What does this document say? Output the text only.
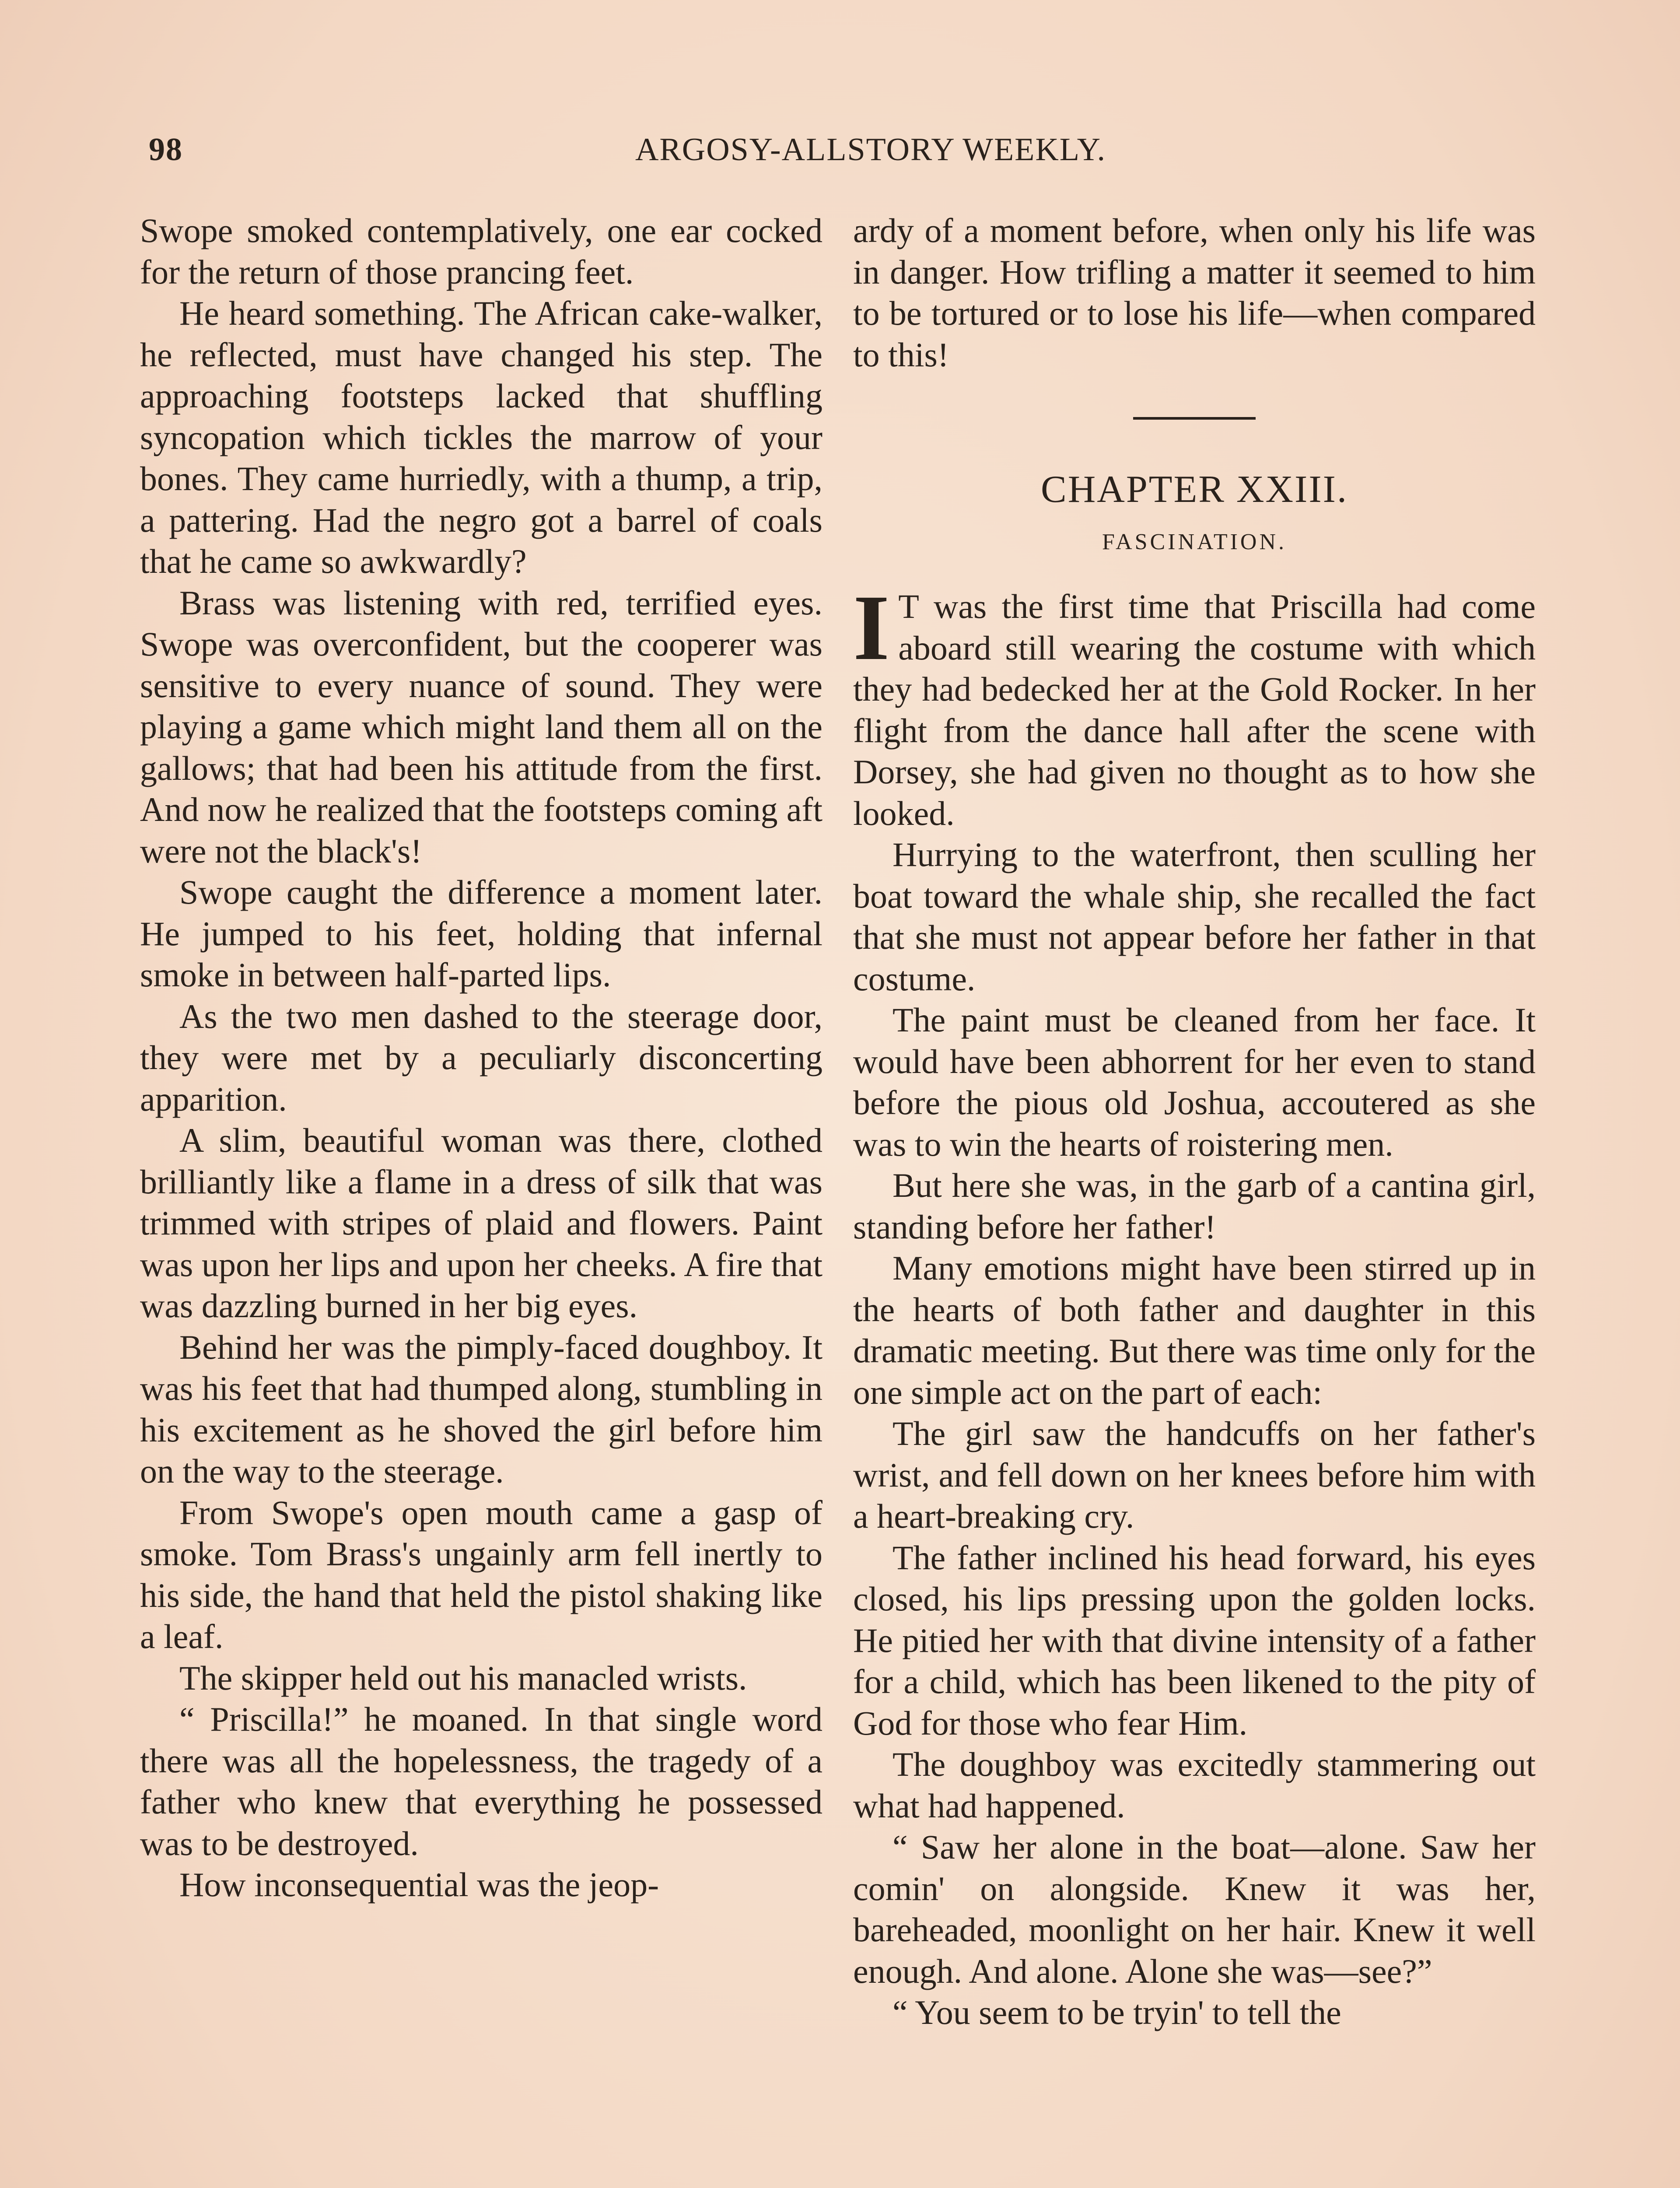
98	ARGOSY-ALLSTORY WEEKLY.

Swope smoked contemplatively, one ear cocked for the return of those prancing feet.

He heard something. The African cake-walker, he reflected, must have changed his step. The approaching footsteps lacked that shuffling syncopation which tickles the marrow of your bones. They came hurriedly, with a thump, a trip, a pattering. Had the negro got a barrel of coals that he came so awkwardly?

Brass was listening with red, terrified eyes. Swope was overconfident, but the cooperer was sensitive to every nuance of sound. They were playing a game which might land them all on the gallows; that had been his attitude from the first. And now he realized that the footsteps coming aft were not the black's!

Swope caught the difference a moment later. He jumped to his feet, holding that infernal smoke in between half-parted lips.

As the two men dashed to the steerage door, they were met by a peculiarly disconcerting apparition.

A slim, beautiful woman was there, clothed brilliantly like a flame in a dress of silk that was trimmed with stripes of plaid and flowers. Paint was upon her lips and upon her cheeks. A fire that was dazzling burned in her big eyes.

Behind her was the pimply-faced doughboy. It was his feet that had thumped along, stumbling in his excitement as he shoved the girl before him on the way to the steerage.

From Swope's open mouth came a gasp of smoke. Tom Brass's ungainly arm fell inertly to his side, the hand that held the pistol shaking like a leaf.

The skipper held out his manacled wrists.

“ Priscilla!” he moaned. In that single word there was all the hopelessness, the tragedy of a father who knew that everything he possessed was to be destroyed.

How inconsequential was the jeop-

ardy of a moment before, when only his life was in danger. How trifling a matter it seemed to him to be tortured or to lose his life—when compared to this!

CHAPTER XXIII.
FASCINATION.

I T was the first time that Priscilla had come aboard still wearing the costume with which they had bedecked her at the Gold Rocker. In her flight from the dance hall after the scene with Dorsey, she had given no thought as to how she looked.

Hurrying to the waterfront, then sculling her boat toward the whale ship, she recalled the fact that she must not appear before her father in that costume.

The paint must be cleaned from her face. It would have been abhorrent for her even to stand before the pious old Joshua, accoutered as she was to win the hearts of roistering men.

But here she was, in the garb of a cantina girl, standing before her father!

Many emotions might have been stirred up in the hearts of both father and daughter in this dramatic meeting. But there was time only for the one simple act on the part of each:

The girl saw the handcuffs on her father's wrist, and fell down on her knees before him with a heart-breaking cry.

The father inclined his head forward, his eyes closed, his lips pressing upon the golden locks. He pitied her with that divine intensity of a father for a child, which has been likened to the pity of God for those who fear Him.

The doughboy was excitedly stammering out what had happened.

“ Saw her alone in the boat—alone. Saw her comin' on alongside. Knew it was her, bareheaded, moonlight on her hair. Knew it well enough. And alone. Alone she was—see?”

“ You seem to be tryin' to tell the
